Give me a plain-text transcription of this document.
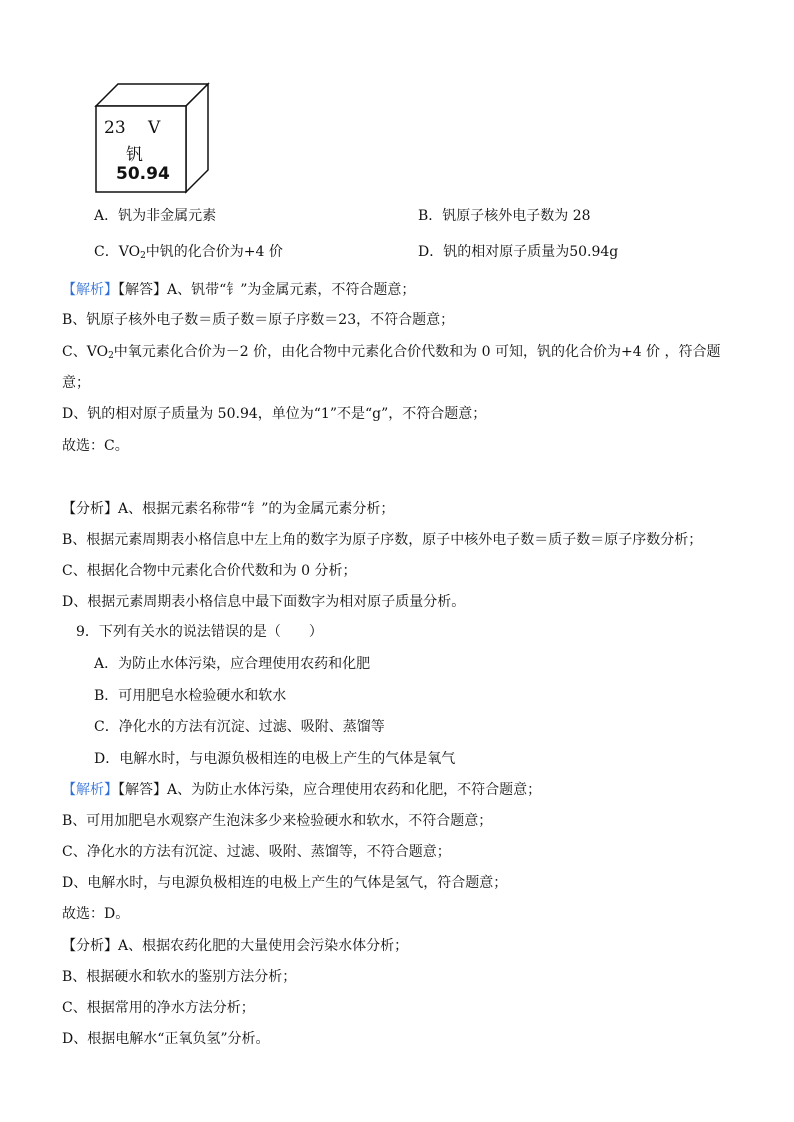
23 V
钒
50.94
A．钒为非金属元素	B．钒原子核外电子数为 28
C．$VO_2$中钒的化合价为+4 价	D．钒的相对原子质量为50.94g
【解析】【解答】A、钒带“钅”为金属元素，不符合题意；
B、钒原子核外电子数＝质子数＝原子序数＝23，不符合题意；
C、$VO_2$中氧元素化合价为－2 价，由化合物中元素化合价代数和为 0 可知，钒的化合价为+4 价 ，符合题
意；
D、钒的相对原子质量为 50.94，单位为“1”不是“g”，不符合题意；
故选：C。
【分析】A、根据元素名称带“钅”的为金属元素分析；
B、根据元素周期表小格信息中左上角的数字为原子序数，原子中核外电子数＝质子数＝原子序数分析；
C、根据化合物中元素化合价代数和为 0 分析；
D、根据元素周期表小格信息中最下面数字为相对原子质量分析。
9．下列有关水的说法错误的是（　　）
A．为防止水体污染，应合理使用农药和化肥
B．可用肥皂水检验硬水和软水
C．净化水的方法有沉淀、过滤、吸附、蒸馏等
D．电解水时，与电源负极相连的电极上产生的气体是氧气
【解析】【解答】A、为防止水体污染，应合理使用农药和化肥，不符合题意；
B、可用加肥皂水观察产生泡沫多少来检验硬水和软水，不符合题意；
C、净化水的方法有沉淀、过滤、吸附、蒸馏等，不符合题意；
D、电解水时，与电源负极相连的电极上产生的气体是氢气，符合题意；
故选：D。
【分析】A、根据农药化肥的大量使用会污染水体分析；
B、根据硬水和软水的鉴别方法分析；
C、根据常用的净水方法分析；
D、根据电解水“正氧负氢”分析。
